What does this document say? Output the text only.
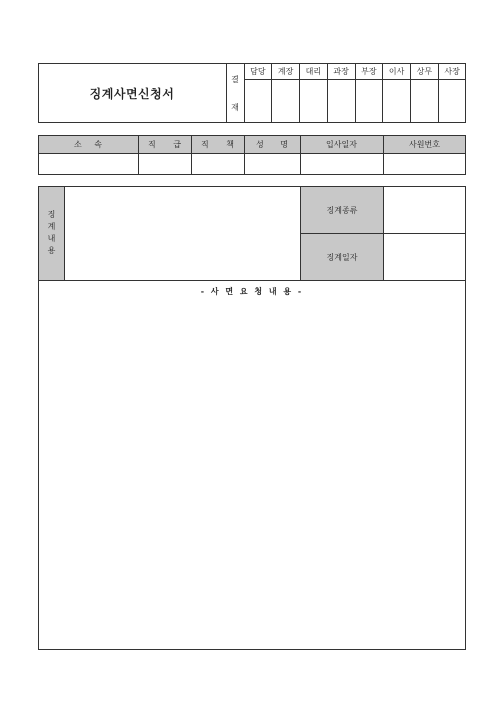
징계사면신청서
결
재
담당	계장	대리	과장	부장	이사	상무	사장
소 속	직 급	직 책	성 명	입사일자	사원번호
징계내용	징계종류
징계일자
- 사 면 요 청 내 용 -
